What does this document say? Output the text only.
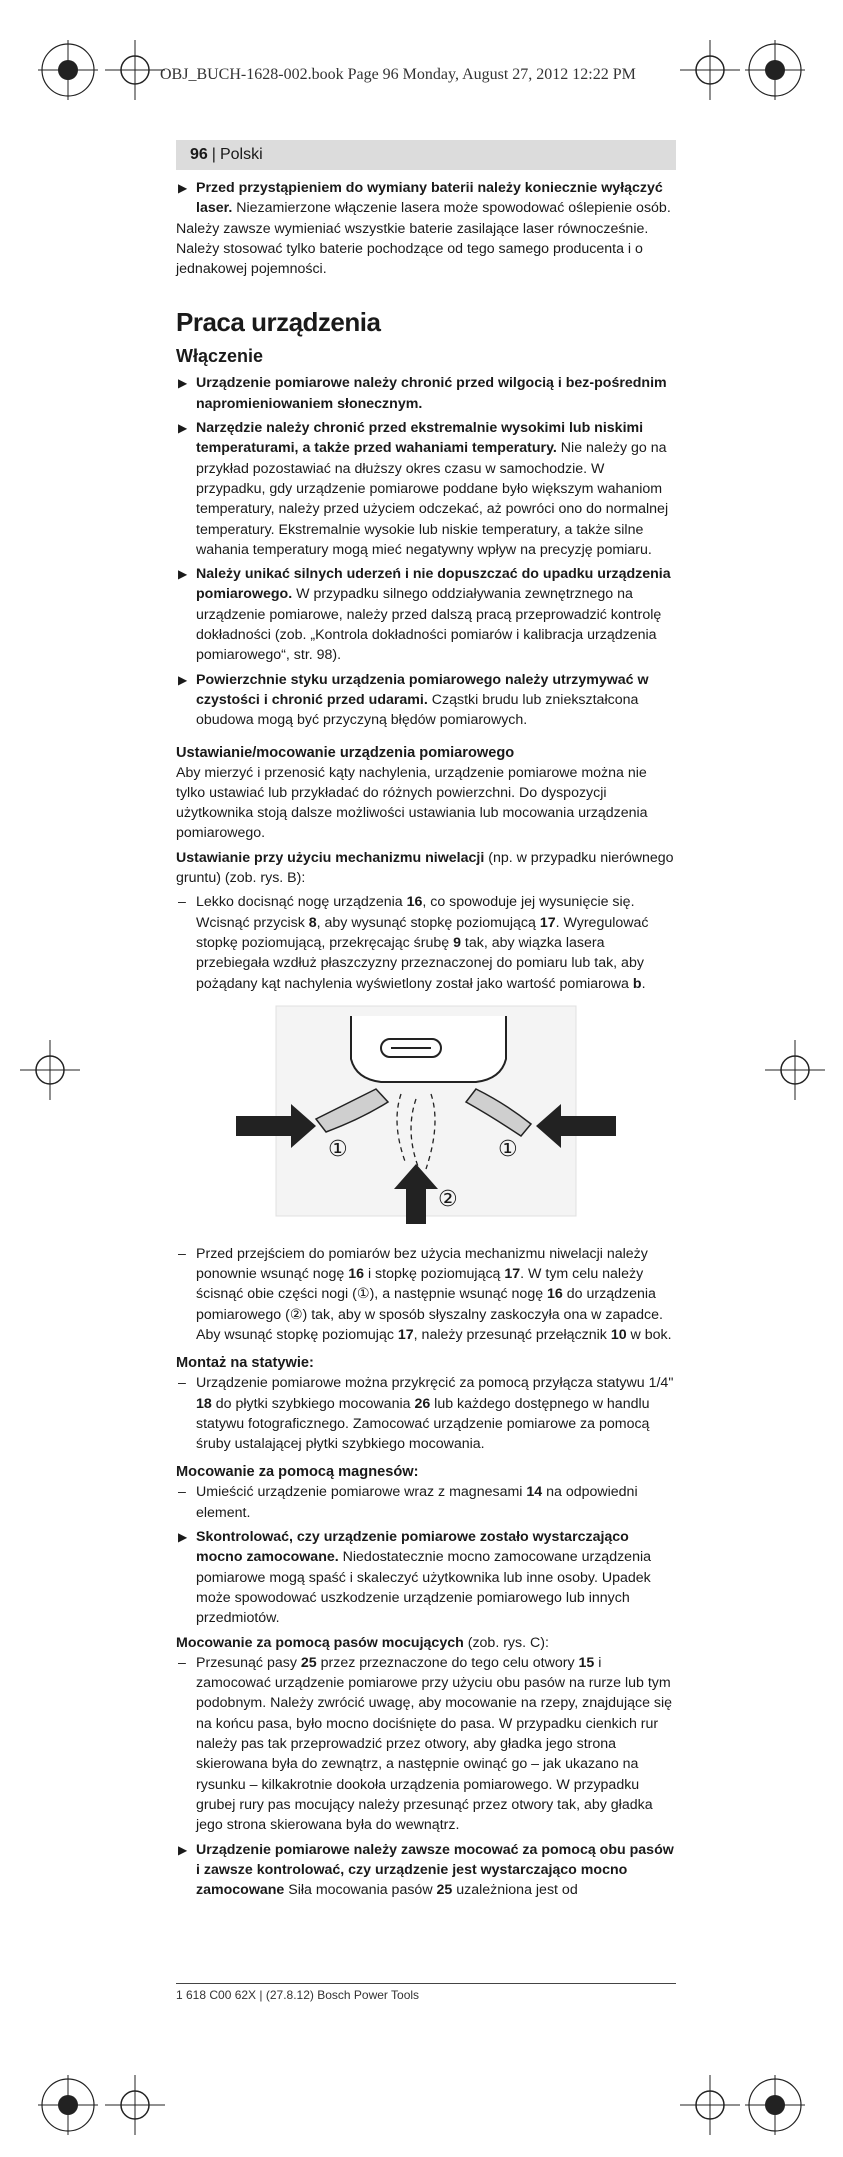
OBJ_BUCH-1628-002.book Page 96 Monday, August 27, 2012 12:22 PM
96 | Polski
▶ Przed przystąpieniem do wymiany baterii należy koniecznie wyłączyć laser. Niezamierzone włączenie lasera może spowodować oślepienie osób.

Należy zawsze wymieniać wszystkie baterie zasilające laser równocześnie. Należy stosować tylko baterie pochodzące od tego samego producenta i o jednakowej pojemności.

Praca urządzenia
Włączenie
▶ Urządzenie pomiarowe należy chronić przed wilgocią i bez-pośrednim napromieniowaniem słonecznym.
▶ Narzędzie należy chronić przed ekstremalnie wysokimi lub niskimi temperaturami, a także przed wahaniami temperatury. Nie należy go na przykład pozostawiać na dłuższy okres czasu w samochodzie. W przypadku, gdy urządzenie pomiarowe poddane było większym wahaniom temperatury, należy przed użyciem odczekać, aż powróci ono do normalnej temperatury. Ekstremalnie wysokie lub niskie temperatury, a także silne wahania temperatury mogą mieć negatywny wpływ na precyzję pomiaru.
▶ Należy unikać silnych uderzeń i nie dopuszczać do upadku urządzenia pomiarowego. W przypadku silnego oddziaływania zewnętrznego na urządzenie pomiarowe, należy przed dalszą pracą przeprowadzić kontrolę dokładności (zob. „Kontrola dokładności pomiarów i kalibracja urządzenia pomiarowego“, str. 98).
▶ Powierzchnie styku urządzenia pomiarowego należy utrzymywać w czystości i chronić przed udarami. Cząstki brudu lub zniekształcona obudowa mogą być przyczyną błędów pomiarowych.
Ustawianie/mocowanie urządzenia pomiarowego

Aby mierzyć i przenosić kąty nachylenia, urządzenie pomiarowe można nie tylko ustawiać lub przykładać do różnych powierzchni. Do dyspozycji użytkownika stoją dalsze możliwości ustawiania lub mocowania urządzenia pomiarowego.

Ustawianie przy użyciu mechanizmu niwelacji (np. w przypadku nierównego gruntu) (zob. rys. B):

– Lekko docisnąć nogę urządzenia 16, co spowoduje jej wysunięcie się. Wcisnąć przycisk 8, aby wysunąć stopkę poziomującą 17. Wyregulować stopkę poziomującą, przekręcając śrubę 9 tak, aby wiązka lasera przebiegała wzdłuż płaszczyzny przeznaczonej do pomiaru lub tak, aby pożądany kąt nachylenia wyświetlony został jako wartość pomiarowa b.
①	①
②
– Przed przejściem do pomiarów bez użycia mechanizmu niwelacji należy ponownie wsunąć nogę 16 i stopkę poziomującą 17. W tym celu należy ścisnąć obie części nogi (①), a następnie wsunąć nogę 16 do urządzenia pomiarowego (②) tak, aby w sposób słyszalny zaskoczyła ona w zapadce. Aby wsunąć stopkę poziomując 17, należy przesunąć przełącznik 10 w bok.
Montaż na statywie:
– Urządzenie pomiarowe można przykręcić za pomocą przyłącza statywu 1/4" 18 do płytki szybkiego mocowania 26 lub każdego dostępnego w handlu statywu fotograficznego. Zamocować urządzenie pomiarowe za pomocą śruby ustalającej płytki szybkiego mocowania.
Mocowanie za pomocą magnesów:
– Umieścić urządzenie pomiarowe wraz z magnesami 14 na odpowiedni element.
▶ Skontrolować, czy urządzenie pomiarowe zostało wystarczająco mocno zamocowane. Niedostatecznie mocno zamocowane urządzenia pomiarowe mogą spaść i skaleczyć użytkownika lub inne osoby. Upadek może spowodować uszkodzenie urządzenie pomiarowego lub innych przedmiotów.

Mocowanie za pomocą pasów mocujących (zob. rys. C):

– Przesunąć pasy 25 przez przeznaczone do tego celu otwory 15 i zamocować urządzenie pomiarowe przy użyciu obu pasów na rurze lub tym podobnym. Należy zwrócić uwagę, aby mocowanie na rzepy, znajdujące się na końcu pasa, było mocno dociśnięte do pasa. W przypadku cienkich rur należy pas tak przeprowadzić przez otwory, aby gładka jego strona skierowana była do zewnątrz, a następnie owinąć go – jak ukazano na rysunku – kilkakrotnie dookoła urządzenia pomiarowego. W przypadku grubej rury pas mocujący należy przesunąć przez otwory tak, aby gładka jego strona skierowana była do wewnątrz.
▶ Urządzenie pomiarowe należy zawsze mocować za pomocą obu pasów i zawsze kontrolować, czy urządzenie jest wystarczająco mocno zamocowane Siła mocowania pasów 25 uzależniona jest od
1 618 C00 62X | (27.8.12) Bosch Power Tools
